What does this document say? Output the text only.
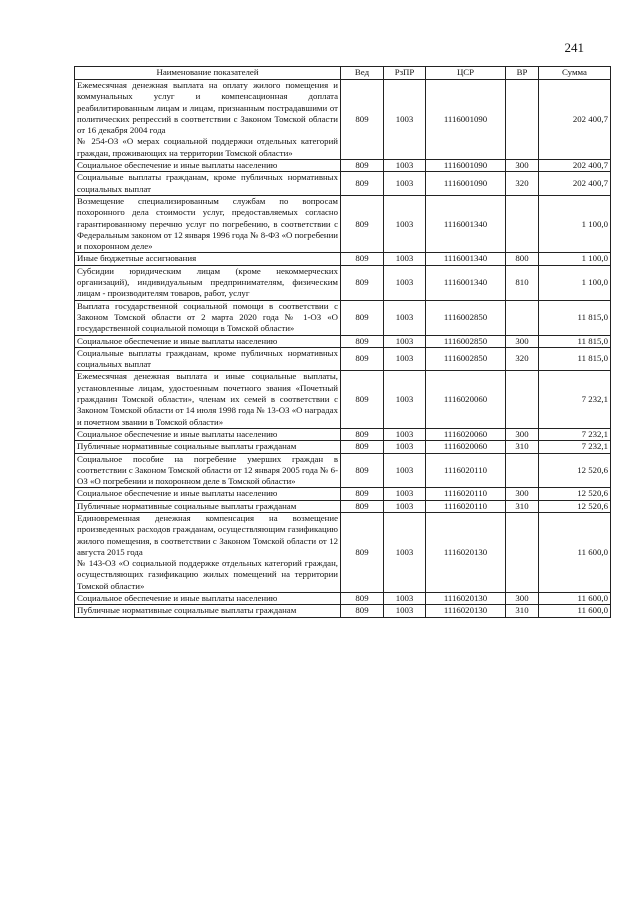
241
Наименование показателей	Вед	РзПР	ЦСР	ВР	Сумма
Ежемесячная денежная выплата на оплату жилого помещения и коммунальных услуг и компенсационная доплата реабилитированным лицам и лицам, признанным пострадавшими от политических репрессий в соответствии с Законом Томской области от 16 декабря 2004 года
№ 254-ОЗ «О мерах социальной поддержки отдельных категорий граждан, проживающих на территории Томской области»	809	1003	1116001090		202 400,7
Социальное обеспечение и иные выплаты населению	809	1003	1116001090	300	202 400,7
Социальные выплаты гражданам, кроме публичных нормативных социальных выплат	809	1003	1116001090	320	202 400,7
Возмещение специализированным службам по вопросам похоронного дела стоимости услуг, предоставляемых согласно гарантированному перечню услуг по погребению, в соответствии с Федеральным законом от 12 января 1996 года № 8-ФЗ «О погребении и похоронном деле»	809	1003	1116001340		1 100,0
Иные бюджетные ассигнования	809	1003	1116001340	800	1 100,0
Субсидии юридическим лицам (кроме некоммерческих организаций), индивидуальным предпринимателям, физическим лицам - производителям товаров, работ, услуг	809	1003	1116001340	810	1 100,0
Выплата государственной социальной помощи в соответствии с Законом Томской области от 2 марта 2020 года № 1-ОЗ «О государственной социальной помощи в Томской области»	809	1003	1116002850		11 815,0
Социальное обеспечение и иные выплаты населению	809	1003	1116002850	300	11 815,0
Социальные выплаты гражданам, кроме публичных нормативных социальных выплат	809	1003	1116002850	320	11 815,0
Ежемесячная денежная выплата и иные социальные выплаты, установленные лицам, удостоенным почетного звания «Почетный гражданин Томской области», членам их семей в соответствии с Законом Томской области от 14 июля 1998 года № 13-ОЗ «О наградах и почетном звании в Томской области»	809	1003	1116020060		7 232,1
Социальное обеспечение и иные выплаты населению	809	1003	1116020060	300	7 232,1
Публичные нормативные социальные выплаты гражданам	809	1003	1116020060	310	7 232,1
Социальное пособие на погребение умерших граждан в соответствии с Законом Томской области от 12 января 2005 года № 6-ОЗ «О погребении и похоронном деле в Томской области»	809	1003	1116020110		12 520,6
Социальное обеспечение и иные выплаты населению	809	1003	1116020110	300	12 520,6
Публичные нормативные социальные выплаты гражданам	809	1003	1116020110	310	12 520,6
Единовременная денежная компенсация на возмещение произведенных расходов гражданам, осуществляющим газификацию жилого помещения, в соответствии с Законом Томской области от 12 августа 2015 года
№ 143-ОЗ «О социальной поддержке отдельных категорий граждан, осуществляющих газификацию жилых помещений на территории Томской области»	809	1003	1116020130		11 600,0
Социальное обеспечение и иные выплаты населению	809	1003	1116020130	300	11 600,0
Публичные нормативные социальные выплаты гражданам	809	1003	1116020130	310	11 600,0
